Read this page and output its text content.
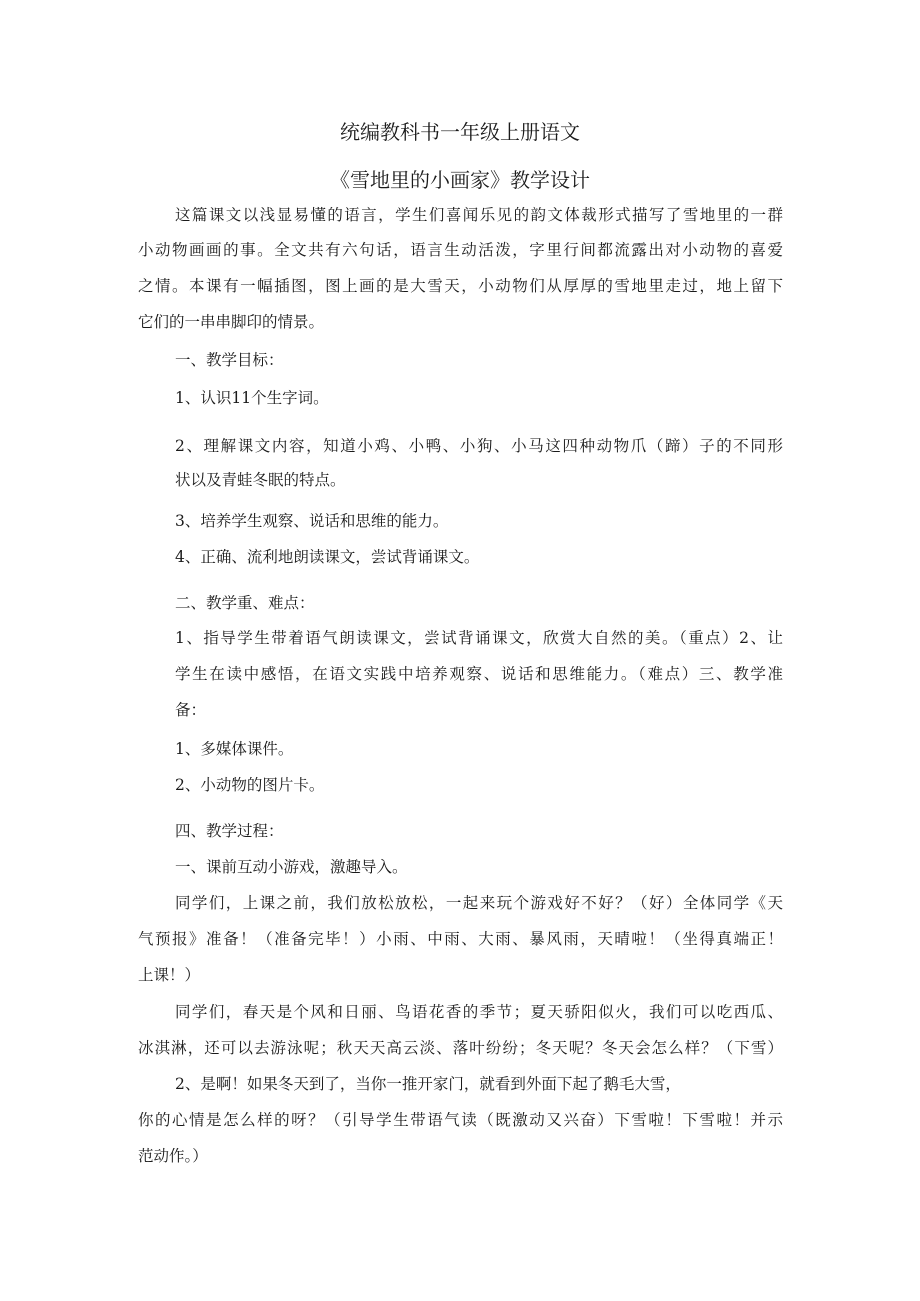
统编教科书一年级上册语文
《雪地里的小画家》教学设计
这篇课文以浅显易懂的语言，学生们喜闻乐见的韵文体裁形式描写了雪地里的一群
小动物画画的事。全文共有六句话，语言生动活泼，字里行间都流露出对小动物的喜爱
之情。本课有一幅插图，图上画的是大雪天，小动物们从厚厚的雪地里走过，地上留下
它们的一串串脚印的情景。
一、教学目标：
1、认识11个生字词。
2、理解课文内容，知道小鸡、小鸭、小狗、小马这四种动物爪（蹄）子的不同形
状以及青蛙冬眠的特点。
3、培养学生观察、说话和思维的能力。
4、正确、流利地朗读课文，尝试背诵课文。
二、教学重、难点：
1、指导学生带着语气朗读课文，尝试背诵课文，欣赏大自然的美。（重点）2、让
学生在读中感悟，在语文实践中培养观察、说话和思维能力。（难点）三、教学准
备：
1、多媒体课件。
2、小动物的图片卡。
四、教学过程：
一、课前互动小游戏，激趣导入。
同学们，上课之前，我们放松放松，一起来玩个游戏好不好？（好）全体同学《天
气预报》准备！（准备完毕！）小雨、中雨、大雨、暴风雨，天晴啦！（坐得真端正！
上课！）
同学们，春天是个风和日丽、鸟语花香的季节；夏天骄阳似火，我们可以吃西瓜、
冰淇淋，还可以去游泳呢；秋天天高云淡、落叶纷纷；冬天呢？冬天会怎么样？（下雪）
2、是啊！如果冬天到了，当你一推开家门，就看到外面下起了鹅毛大雪，
你的心情是怎么样的呀？（引导学生带语气读（既激动又兴奋）下雪啦！下雪啦！并示
范动作。）
